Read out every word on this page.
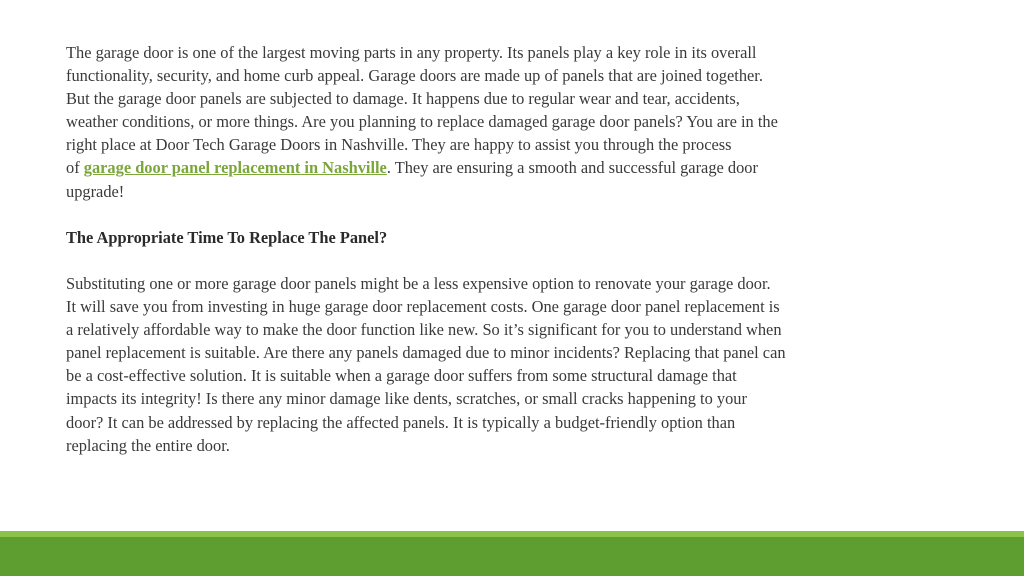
The garage door is one of the largest moving parts in any property. Its panels play a key role in its overall
functionality, security, and home curb appeal. Garage doors are made up of panels that are joined together.
But the garage door panels are subjected to damage. It happens due to regular wear and tear, accidents,
weather conditions, or more things. Are you planning to replace damaged garage door panels? You are in the
right place at Door Tech Garage Doors in Nashville. They are happy to assist you through the process
of garage door panel replacement in Nashville. They are ensuring a smooth and successful garage door
upgrade!
The Appropriate Time To Replace The Panel?
Substituting one or more garage door panels might be a less expensive option to renovate your garage door.
It will save you from investing in huge garage door replacement costs. One garage door panel replacement is
a relatively affordable way to make the door function like new. So it’s significant for you to understand when
panel replacement is suitable. Are there any panels damaged due to minor incidents? Replacing that panel can
be a cost-effective solution. It is suitable when a garage door suffers from some structural damage that
impacts its integrity! Is there any minor damage like dents, scratches, or small cracks happening to your
door? It can be addressed by replacing the affected panels. It is typically a budget-friendly option than
replacing the entire door.
